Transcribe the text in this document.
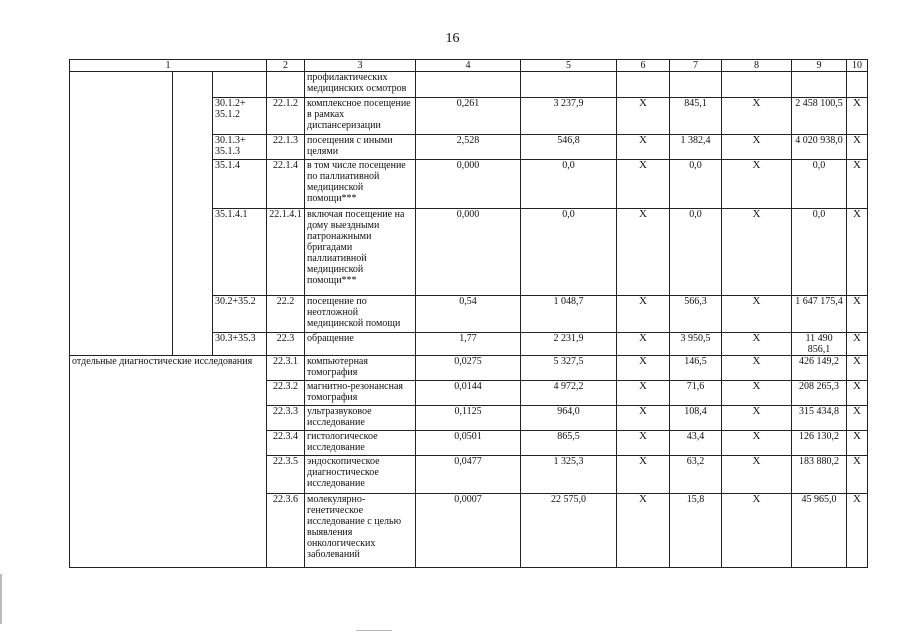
16
1			2	3	4	5	6	7	8	9	10
				профилактических медицинских осмотров							
		30.1.2+ 35.1.2	22.1.2	комплексное посещение в рамках диспансеризации	0,261	3 237,9	X	845,1	X	2 458 100,5	X
		30.1.3+ 35.1.3	22.1.3	посещения с иными целями	2,528	546,8	X	1 382,4	X	4 020 938,0	X
		35.1.4	22.1.4	в том числе посещение по паллиативной медицинской помощи***	0,000	0,0	X	0,0	X	0,0	X
		35.1.4.1	22.1.4.1	включая посещение на дому выездными патронажными бригадами паллиативной медицинской помощи***	0,000	0,0	X	0,0	X	0,0	X
		30.2+35.2	22.2	посещение по неотложной медицинской помощи	0,54	1 048,7	X	566,3	X	1 647 175,4	X
		30.3+35.3	22.3	обращение	1,77	2 231,9	X	3 950,5	X	11 490 856,1	X
отдельные диагностические исследования			22.3.1	компьютерная томография	0,0275	5 327,5	X	146,5	X	426 149,2	X
			22.3.2	магнитно-резонансная томография	0,0144	4 972,2	X	71,6	X	208 265,3	X
			22.3.3	ультразвуковое исследование	0,1125	964,0	X	108,4	X	315 434,8	X
			22.3.4	гистологическое исследование	0,0501	865,5	X	43,4	X	126 130,2	X
			22.3.5	эндоскопическое диагностическое исследование	0,0477	1 325,3	X	63,2	X	183 880,2	X
			22.3.6	молекулярно-генетическое исследование с целью выявления онкологических заболеваний	0,0007	22 575,0	X	15,8	X	45 965,0	X
